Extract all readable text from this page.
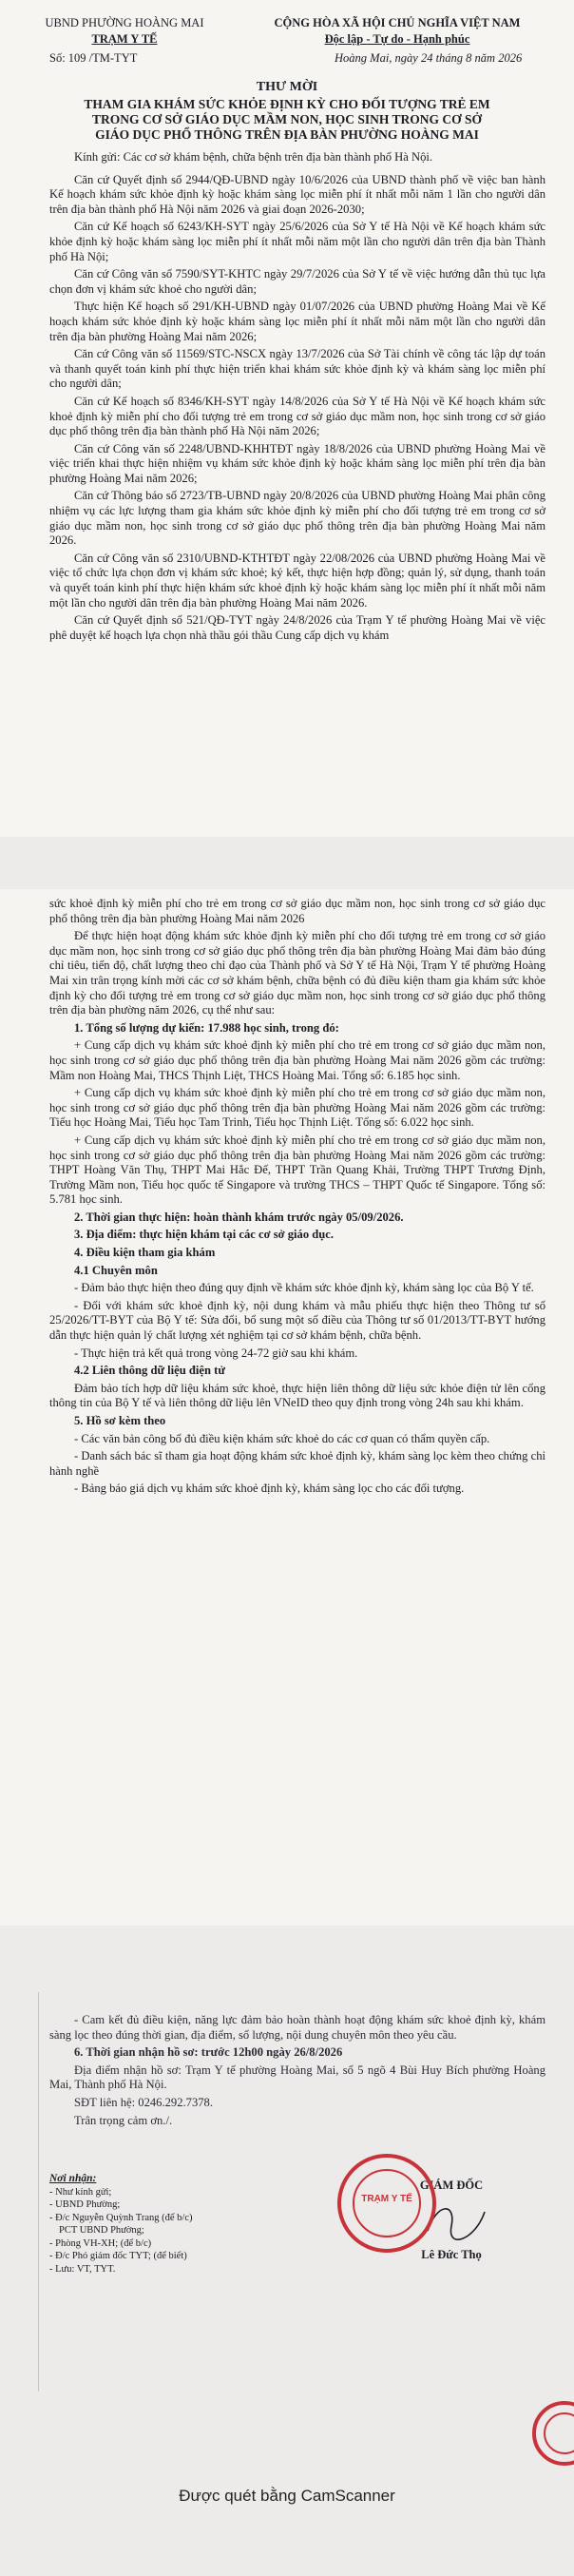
UBND PHƯỜNG HOÀNG MAI
TRẠM Y TẾ
CỘNG HÒA XÃ HỘI CHỦ NGHĨA VIỆT NAM
Độc lập - Tự do - Hạnh phúc
Số: 109 /TM-TYT	Hoàng Mai, ngày 24 tháng 8 năm 2026
THƯ MỜI
THAM GIA KHÁM SỨC KHỎE ĐỊNH KỲ CHO ĐỐI TƯỢNG TRẺ EM
TRONG CƠ SỞ GIÁO DỤC MẦM NON, HỌC SINH TRONG CƠ SỞ
GIÁO DỤC PHỔ THÔNG TRÊN ĐỊA BÀN PHƯỜNG HOÀNG MAI

Kính gửi: Các cơ sở khám bệnh, chữa bệnh trên địa bàn thành phố Hà Nội.

Căn cứ Quyết định số 2944/QĐ-UBND ngày 10/6/2026 của UBND thành phố về việc ban hành Kế hoạch khám sức khỏe định kỳ hoặc khám sàng lọc miễn phí ít nhất mỗi năm 1 lần cho người dân trên địa bàn thành phố Hà Nội năm 2026 và giai đoạn 2026-2030;

Căn cứ Kế hoạch số 6243/KH-SYT ngày 25/6/2026 của Sở Y tế Hà Nội về Kế hoạch khám sức khỏe định kỳ hoặc khám sàng lọc miễn phí ít nhất mỗi năm một lần cho người dân trên địa bàn Thành phố Hà Nội;

Căn cứ Công văn số 7590/SYT-KHTC ngày 29/7/2026 của Sở Y tế về việc hướng dẫn thủ tục lựa chọn đơn vị khám sức khoẻ cho người dân;

Thực hiện Kế hoạch số 291/KH-UBND ngày 01/07/2026 của UBND phường Hoàng Mai về Kế hoạch khám sức khỏe định kỳ hoặc khám sàng lọc miễn phí ít nhất mỗi năm một lần cho người dân trên địa bàn phường Hoàng Mai năm 2026;

Căn cứ Công văn số 11569/STC-NSCX ngày 13/7/2026 của Sở Tài chính về công tác lập dự toán và thanh quyết toán kinh phí thực hiện triển khai khám sức khỏe định kỳ và khám sàng lọc miễn phí cho người dân;

Căn cứ Kế hoạch số 8346/KH-SYT ngày 14/8/2026 của Sở Y tế Hà Nội về Kế hoạch khám sức khoẻ định kỳ miễn phí cho đối tượng trẻ em trong cơ sở giáo dục mầm non, học sinh trong cơ sở giáo dục phổ thông trên địa bàn thành phố Hà Nội năm 2026;

Căn cứ Công văn số 2248/UBND-KHHTĐT ngày 18/8/2026 của UBND phường Hoàng Mai về việc triển khai thực hiện nhiệm vụ khám sức khỏe định kỳ hoặc khám sàng lọc miễn phí trên địa bàn phường Hoàng Mai năm 2026;

Căn cứ Thông báo số 2723/TB-UBND ngày 20/8/2026 của UBND phường Hoàng Mai phân công nhiệm vụ các lực lượng tham gia khám sức khỏe định kỳ miễn phí cho đối tượng trẻ em trong cơ sở giáo dục mầm non, học sinh trong cơ sở giáo dục phổ thông trên địa bàn phường Hoàng Mai năm 2026.

Căn cứ Công văn số 2310/UBND-KTHTĐT ngày 22/08/2026 của UBND phường Hoàng Mai về việc tổ chức lựa chọn đơn vị khám sức khoẻ; ký kết, thực hiện hợp đồng; quản lý, sử dụng, thanh toán và quyết toán kinh phí thực hiện khám sức khoẻ định kỳ hoặc khám sàng lọc miễn phí ít nhất mỗi năm một lần cho người dân trên địa bàn phường Hoàng Mai năm 2026.

Căn cứ Quyết định số 521/QĐ-TYT ngày 24/8/2026 của Trạm Y tế phường Hoàng Mai về việc phê duyệt kế hoạch lựa chọn nhà thầu gói thầu Cung cấp dịch vụ khám

sức khoẻ định kỳ miễn phí cho trẻ em trong cơ sở giáo dục mầm non, học sinh trong cơ sở giáo dục phổ thông trên địa bàn phường Hoàng Mai năm 2026

Để thực hiện hoạt động khám sức khỏe định kỳ miễn phí cho đối tượng trẻ em trong cơ sở giáo dục mầm non, học sinh trong cơ sở giáo dục phổ thông trên địa bàn phường Hoàng Mai đảm bảo đúng chỉ tiêu, tiến độ, chất lượng theo chỉ đạo của Thành phố và Sở Y tế Hà Nội, Trạm Y tế phường Hoàng Mai xin trân trọng kính mời các cơ sở khám bệnh, chữa bệnh có đủ điều kiện tham gia khám sức khỏe định kỳ cho đối tượng trẻ em trong cơ sở giáo dục mầm non, học sinh trong cơ sở giáo dục phổ thông trên địa bàn phường năm 2026, cụ thể như sau:

1. Tổng số lượng dự kiến: 17.988 học sinh, trong đó:

+ Cung cấp dịch vụ khám sức khoẻ định kỳ miễn phí cho trẻ em trong cơ sở giáo dục mầm non, học sinh trong cơ sở giáo dục phổ thông trên địa bàn phường Hoàng Mai năm 2026 gồm các trường: Mầm non Hoàng Mai, THCS Thịnh Liệt, THCS Hoàng Mai. Tổng số: 6.185 học sinh.

+ Cung cấp dịch vụ khám sức khoẻ định kỳ miễn phí cho trẻ em trong cơ sở giáo dục mầm non, học sinh trong cơ sở giáo dục phổ thông trên địa bàn phường Hoàng Mai năm 2026 gồm các trường: Tiểu học Hoàng Mai, Tiểu học Tam Trinh, Tiểu học Thịnh Liệt. Tổng số: 6.022 học sinh.

+ Cung cấp dịch vụ khám sức khoẻ định kỳ miễn phí cho trẻ em trong cơ sở giáo dục mầm non, học sinh trong cơ sở giáo dục phổ thông trên địa bàn phường Hoàng Mai năm 2026 gồm các trường: THPT Hoàng Văn Thụ, THPT Mai Hắc Đế, THPT Trần Quang Khải, Trường THPT Trương Định, Trường Mầm non, Tiểu học quốc tế Singapore và trường THCS – THPT Quốc tế Singapore. Tổng số: 5.781 học sinh.

2. Thời gian thực hiện: hoàn thành khám trước ngày 05/09/2026.

3. Địa điểm: thực hiện khám tại các cơ sở giáo dục.

4. Điều kiện tham gia khám

4.1 Chuyên môn

- Đảm bảo thực hiện theo đúng quy định về khám sức khỏe định kỳ, khám sàng lọc của Bộ Y tế.

- Đối với khám sức khoẻ định kỳ, nội dung khám và mẫu phiếu thực hiện theo Thông tư số 25/2026/TT-BYT của Bộ Y tế: Sửa đổi, bổ sung một số điều của Thông tư số 01/2013/TT-BYT hướng dẫn thực hiện quản lý chất lượng xét nghiệm tại cơ sở khám bệnh, chữa bệnh.

- Thực hiện trả kết quả trong vòng 24-72 giờ sau khi khám.

4.2 Liên thông dữ liệu điện tử

Đảm bảo tích hợp dữ liệu khám sức khoẻ, thực hiện liên thông dữ liệu sức khỏe điện tử lên cổng thông tin của Bộ Y tế và liên thông dữ liệu lên VNeID theo quy định trong vòng 24h sau khi khám.

5. Hồ sơ kèm theo

- Các văn bản công bố đủ điều kiện khám sức khoẻ do các cơ quan có thẩm quyền cấp.

- Danh sách bác sĩ tham gia hoạt động khám sức khoẻ định kỳ, khám sàng lọc kèm theo chứng chỉ hành nghề

- Bảng báo giá dịch vụ khám sức khoẻ định kỳ, khám sàng lọc cho các đối tượng.

- Cam kết đủ điều kiện, năng lực đảm bảo hoàn thành hoạt động khám sức khoẻ định kỳ, khám sàng lọc theo đúng thời gian, địa điểm, số lượng, nội dung chuyên môn theo yêu cầu.

6. Thời gian nhận hồ sơ: trước 12h00 ngày 26/8/2026

Địa điểm nhận hồ sơ: Trạm Y tế phường Hoàng Mai, số 5 ngõ 4 Bùi Huy Bích phường Hoàng Mai, Thành phố Hà Nội.

SĐT liên hệ: 0246.292.7378.

Trân trọng cảm ơn./.

Nơi nhận:
- Như kính gửi;
- UBND Phường;
- Đ/c Nguyễn Quỳnh Trang (để b/c)
PCT UBND Phường;
- Phòng VH-XH; (để b/c)
- Đ/c Phó giám đốc TYT; (để biết)
- Lưu: VT, TYT.
GIÁM ĐỐC
Lê Đức Thọ
TRẠM Y TẾ
Được quét bằng CamScanner
